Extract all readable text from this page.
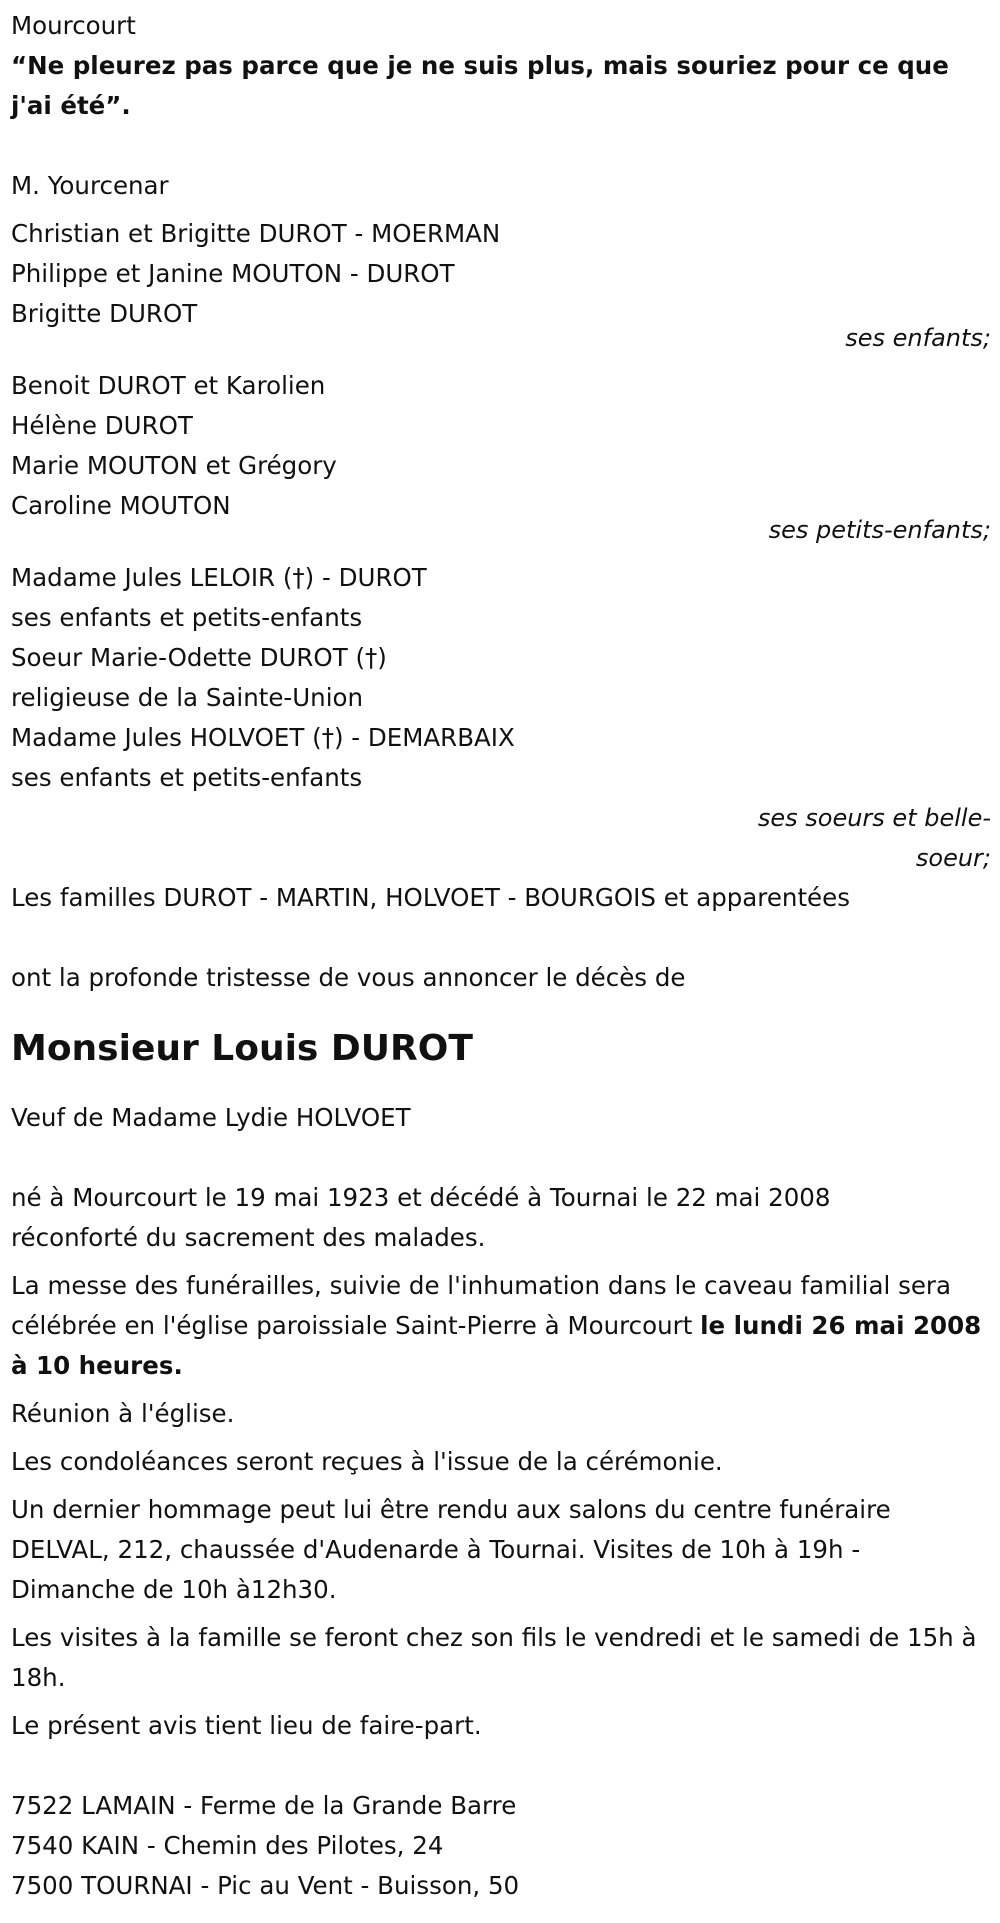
Mourcourt
“Ne pleurez pas parce que je ne suis plus, mais souriez pour ce que j'ai été”.
M. Yourcenar
Christian et Brigitte DUROT - MOERMAN
Philippe et Janine MOUTON - DUROT
Brigitte DUROT
ses enfants;
Benoit DUROT et Karolien
Hélène DUROT
Marie MOUTON et Grégory
Caroline MOUTON
ses petits-enfants;
Madame Jules LELOIR (†) - DUROT
ses enfants et petits-enfants
Soeur Marie-Odette DUROT (†)
religieuse de la Sainte-Union
Madame Jules HOLVOET (†) - DEMARBAIX
ses enfants et petits-enfants
ses soeurs et belle-soeur;
Les familles DUROT - MARTIN, HOLVOET - BOURGOIS et apparentées
ont la profonde tristesse de vous annoncer le décès de
Monsieur Louis DUROT
Veuf de Madame Lydie HOLVOET
né à Mourcourt le 19 mai 1923 et décédé à Tournai le 22 mai 2008
réconforté du sacrement des malades.
La messe des funérailles, suivie de l'inhumation dans le caveau familial sera célébrée en l'église paroissiale Saint-Pierre à Mourcourt le lundi 26 mai 2008 à 10 heures.
Réunion à l'église.
Les condoléances seront reçues à l'issue de la cérémonie.
Un dernier hommage peut lui être rendu aux salons du centre funéraire DELVAL, 212, chaussée d'Audenarde à Tournai. Visites de 10h à 19h - Dimanche de 10h à12h30.
Les visites à la famille se feront chez son fils le vendredi et le samedi de 15h à 18h.
Le présent avis tient lieu de faire-part.
7522 LAMAIN - Ferme de la Grande Barre
7540 KAIN - Chemin des Pilotes, 24
7500 TOURNAI - Pic au Vent - Buisson, 50
